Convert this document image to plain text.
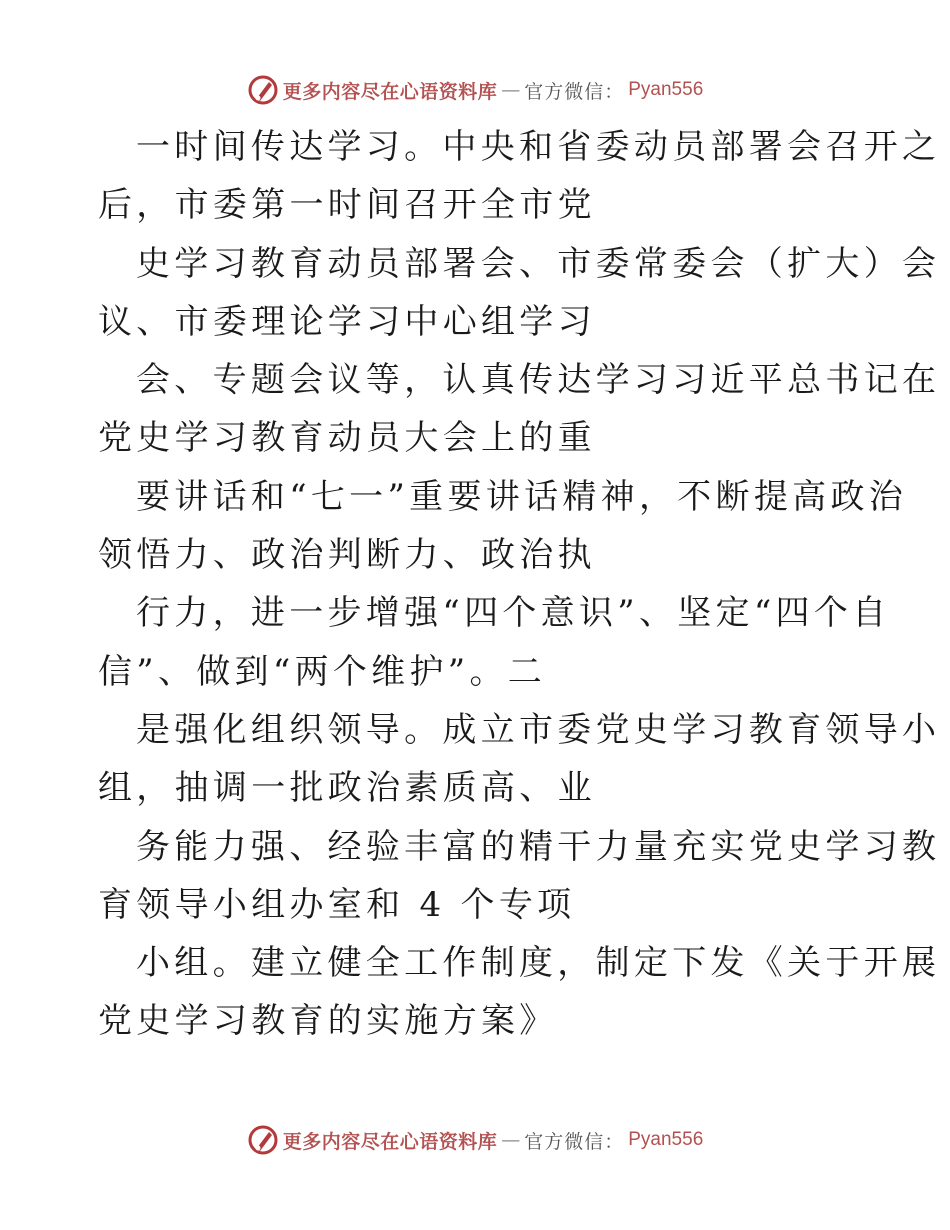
更多内容尽在心语资料库 — 官方微信： Pyan556
一时间传达学习。中央和省委动员部署会召开之
后，市委第一时间召开全市党
史学习教育动员部署会、市委常委会（扩大）会
议、市委理论学习中心组学习
会、专题会议等，认真传达学习习近平总书记在
党史学习教育动员大会上的重
要讲话和“七一”重要讲话精神，不断提高政治
领悟力、政治判断力、政治执
行力，进一步增强“四个意识”、坚定“四个自
信”、做到“两个维护”。二
是强化组织领导。成立市委党史学习教育领导小
组，抽调一批政治素质高、业
务能力强、经验丰富的精干力量充实党史学习教
育领导小组办室和 4 个专项
小组。建立健全工作制度，制定下发《关于开展
党史学习教育的实施方案》
更多内容尽在心语资料库 — 官方微信： Pyan556
